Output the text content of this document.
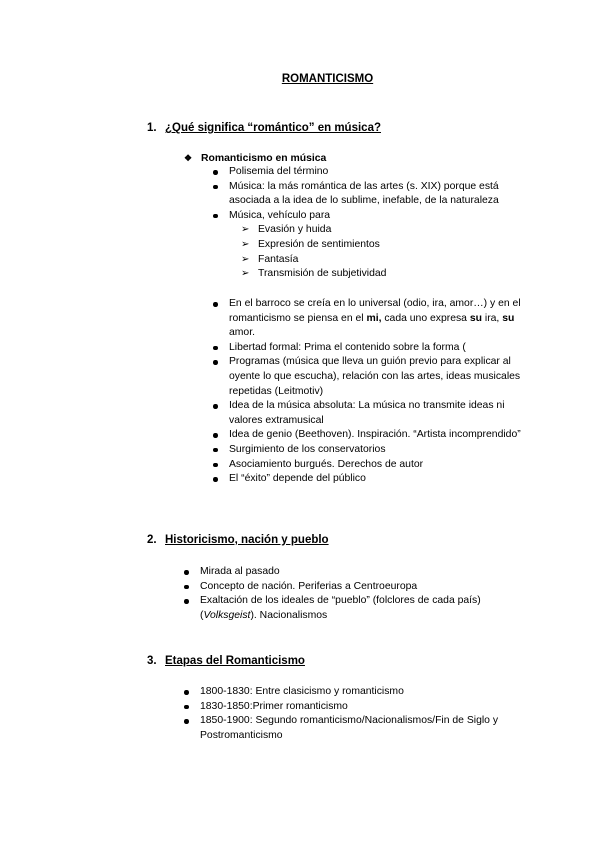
ROMANTICISMO
1. ¿Qué significa “romántico” en música?
❖ Romanticismo en música
Polisemia del término
Música: la más romántica de las artes (s. XIX) porque está asociada a la idea de lo sublime, inefable, de la naturaleza
Música, vehículo para
➢ Evasión y huida
➢ Expresión de sentimientos
➢ Fantasía
➢ Transmisión de subjetividad
En el barroco se creía en lo universal (odio, ira, amor…) y en el romanticismo se piensa en el mi, cada uno expresa su ira, su amor.
Libertad formal: Prima el contenido sobre la forma (
Programas (música que lleva un guión previo para explicar al oyente lo que escucha), relación con las artes, ideas musicales repetidas (Leitmotiv)
Idea de la música absoluta: La música no transmite ideas ni valores extramusical
Idea de genio (Beethoven). Inspiración. “Artista incomprendido”
Surgimiento de los conservatorios
Asociamiento burgués. Derechos de autor
El “éxito” depende del público
2. Historicismo, nación y pueblo
Mirada al pasado
Concepto de nación. Periferias a Centroeuropa
Exaltación de los ideales de “pueblo” (folclores de cada país) (Volksgeist). Nacionalismos
3. Etapas del Romanticismo
1800-1830: Entre clasicismo y romanticismo
1830-1850:Primer romanticismo
1850-1900: Segundo romanticismo/Nacionalismos/Fin de Siglo y Postromanticismo
